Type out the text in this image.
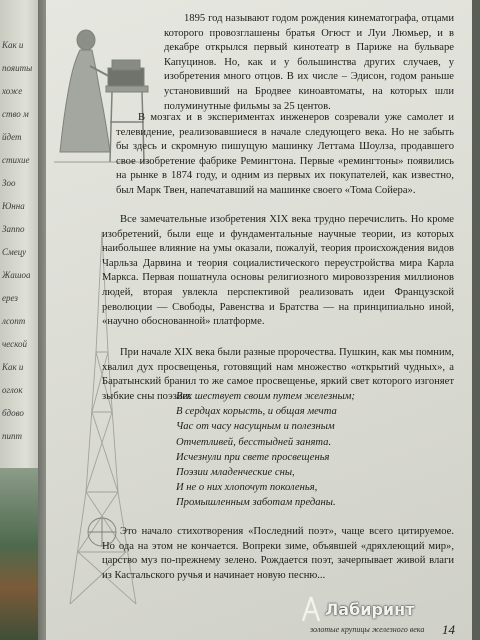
Как и
пояиты
хоже
ство м
йдет
стихие
Зоо
Юнна
Заппо
Смецу
Жашоа
ерез
лсопт
ческой
Как и
оглок
бдово
пипт

1895 год называют годом рождения кинематографа, отцами которого провозглашены братья Огюст и Луи Люмьер, и в декабре открылся первый кинотеатр в Париже на бульваре Капуцинов. Но, как и у большинства других случаев, у изобретения много отцов. В их числе – Эдисон, годом раньше установивший на Бродвее кинoавтоматы, на которых шли полуминутные фильмы за 25 центов.

В мозгах и в экспериментах инженеров созревали уже самолет и телевидение, реализовавшиеся в начале следующего века. Но не забыть бы здесь и скромную пишущую машинку Леттама Шоулза, продавшего свое изобретение фабрике Ремингтона. Первые «ремингтоны» появились на рынке в 1874 году, и одним из первых их покупателей, как известно, был Марк Твен, напечатавший на машинке своего «Тома Сойера».

Все замечательные изобретения XIX века трудно перечислить. Но кроме изобретений, были еще и фундаментальные научные теории, из которых наибольшее влияние на умы оказали, пожалуй, теория происхождения видов Чарльза Дарвина и теория социалистического переустройства мира Карла Маркса. Первая пошатнула основы религиозного мировоззрения миллионов людей, вторая увлекла перспективой реализовать идеи Французской революции — Свободы, Равенства и Братства — на принципиально иной, «научно обоснованной» платформе.

При начале XIX века были разные пророчества. Пушкин, как мы помним, хвалил дух просвещенья, готовящий нам множество «открытий чудных», а Баратынский бранил то же самое просвещенье, яркий свет которого изгоняет зыбкие сны поэзии:

Век шествует своим путем железным;
В сердцах корысть, и общая мечта
Час от часу насущным и полезным
Отчетливей, бесстыдней занята.
Исчезнули при свете просвещенья
Поэзии младенческие сны,
И не о них хлопочут поколенья,
Промышленным заботам преданы.

Это начало стихотворения «Последний поэт», чаще всего цитируемое. Но ода на этом не кончается. Вопреки зиме, объявшей «дряхлеющий мир», царство муз по-прежнему зелено. Рождается поэт, зачерпывает живой влаги из Кастальского ручья и начинает новую песню...

золотые крупицы железного века 14
Лабиринт
